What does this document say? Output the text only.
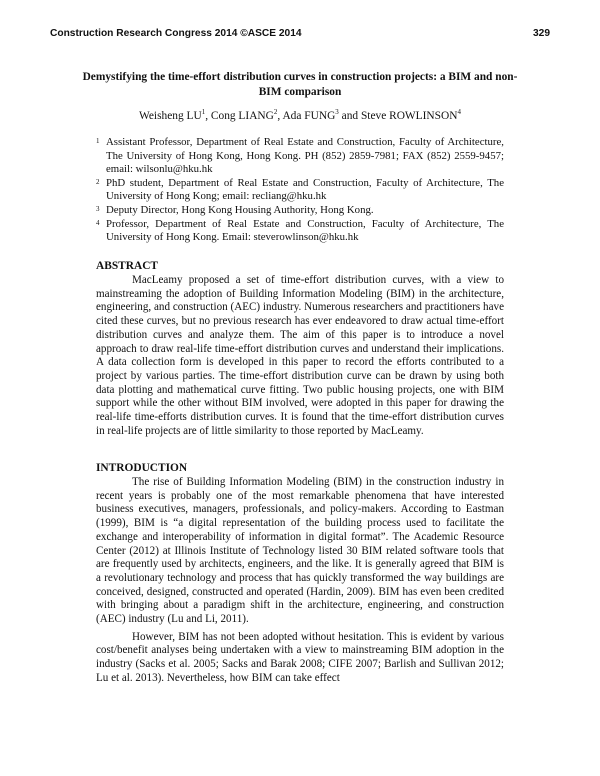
Construction Research Congress 2014 ©ASCE 2014	329
Demystifying the time-effort distribution curves in construction projects: a BIM and non-BIM comparison
Weisheng $LU^1$, Cong LIANG$^2$, Ada FUNG$^3$ and Steve ROWLINSON$^4$
1 Assistant Professor, Department of Real Estate and Construction, Faculty of Architecture, The University of Hong Kong, Hong Kong. PH (852) 2859-7981; FAX (852) 2559-9457; email: wilsonlu@hku.hk
2 PhD student, Department of Real Estate and Construction, Faculty of Architecture, The University of Hong Kong; email: recliang@hku.hk
3 Deputy Director, Hong Kong Housing Authority, Hong Kong.
4 Professor, Department of Real Estate and Construction, Faculty of Architecture, The University of Hong Kong. Email: steverowlinson@hku.hk
ABSTRACT

MacLeamy proposed a set of time-effort distribution curves, with a view to mainstreaming the adoption of Building Information Modeling (BIM) in the architecture, engineering, and construction (AEC) industry. Numerous researchers and practitioners have cited these curves, but no previous research has ever endeavored to draw actual time-effort distribution curves and analyze them. The aim of this paper is to introduce a novel approach to draw real-life time-effort distribution curves and understand their implications. A data collection form is developed in this paper to record the efforts contributed to a project by various parties. The time-effort distribution curve can be drawn by using both data plotting and mathematical curve fitting. Two public housing projects, one with BIM support while the other without BIM involved, were adopted in this paper for drawing the real-life time-efforts distribution curves. It is found that the time-effort distribution curves in real-life projects are of little similarity to those reported by MacLeamy.

INTRODUCTION

The rise of Building Information Modeling (BIM) in the construction industry in recent years is probably one of the most remarkable phenomena that have interested business executives, managers, professionals, and policy-makers. According to Eastman (1999), BIM is “a digital representation of the building process used to facilitate the exchange and interoperability of information in digital format”. The Academic Resource Center (2012) at Illinois Institute of Technology listed 30 BIM related software tools that are frequently used by architects, engineers, and the like. It is generally agreed that BIM is a revolutionary technology and process that has quickly transformed the way buildings are conceived, designed, constructed and operated (Hardin, 2009). BIM has even been credited with bringing about a paradigm shift in the architecture, engineering, and construction (AEC) industry (Lu and Li, 2011).

However, BIM has not been adopted without hesitation. This is evident by various cost/benefit analyses being undertaken with a view to mainstreaming BIM adoption in the industry (Sacks et al. 2005; Sacks and Barak 2008; CIFE 2007; Barlish and Sullivan 2012; Lu et al. 2013). Nevertheless, how BIM can take effect
